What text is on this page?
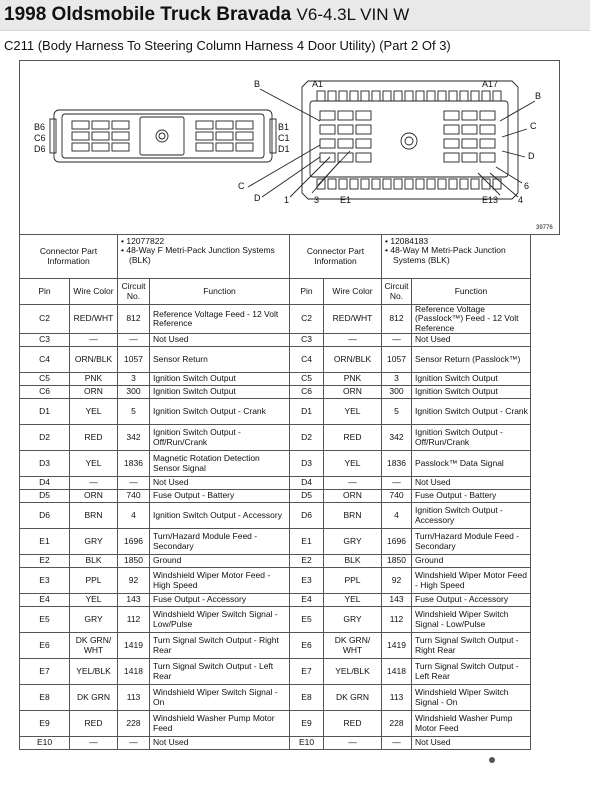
1998 Oldsmobile Truck Bravada V6-4.3L VIN W
C211 (Body Harness To Steering Column Harness 4 Door Utility) (Part 2 Of 3)
B6
C6
D6
B1
C1
D1
B	A1	A17
B
C
D
6
C
D	1	3 E1	E13 4
39776
Connector Part Information		• 12077822
• 48-Way F Metri-Pack Junction Systems (BLK)		Connector Part Information		• 12084183
• 48-Way M Metri-Pack Junction Systems (BLK)	

Pin	Wire Color	Circuit No.	Function	Pin	Wire Color	Circuit No.	Function
C2	RED/WHT	812	Reference Voltage Feed - 12 Volt Reference	C2	RED/WHT	812	Reference Voltage (Passlock™) Feed - 12 Volt Reference
C3	—	—	Not Used	C3	—	—	Not Used
C4	ORN/BLK	1057	Sensor Return	C4	ORN/BLK	1057	Sensor Return (Passlock™)
C5	PNK	3	Ignition Switch Output	C5	PNK	3	Ignition Switch Output
C6	ORN	300	Ignition Switch Output	C6	ORN	300	Ignition Switch Output
D1	YEL	5	Ignition Switch Output - Crank	D1	YEL	5	Ignition Switch Output - Crank
D2	RED	342	Ignition Switch Output - Off/Run/Crank	D2	RED	342	Ignition Switch Output - Off/Run/Crank
D3	YEL	1836	Magnetic Rotation Detection Sensor Signal	D3	YEL	1836	Passlock™ Data Signal
D4	—	—	Not Used	D4	—	—	Not Used
D5	ORN	740	Fuse Output - Battery	D5	ORN	740	Fuse Output - Battery
D6	BRN	4	Ignition Switch Output - Accessory	D6	BRN	4	Ignition Switch Output - Accessory
E1	GRY	1696	Turn/Hazard Module Feed - Secondary	E1	GRY	1696	Turn/Hazard Module Feed - Secondary
E2	BLK	1850	Ground	E2	BLK	1850	Ground
E3	PPL	92	Windshield Wiper Motor Feed - High Speed	E3	PPL	92	Windshield Wiper Motor Feed - High Speed
E4	YEL	143	Fuse Output - Accessory	E4	YEL	143	Fuse Output - Accessory
E5	GRY	112	Windshield Wiper Switch Signal - Low/Pulse	E5	GRY	112	Windshield Wiper Switch Signal - Low/Pulse
E6	DK GRN/ WHT	1419	Turn Signal Switch Output - Right Rear	E6	DK GRN/ WHT	1419	Turn Signal Switch Output - Right Rear
E7	YEL/BLK	1418	Turn Signal Switch Output - Left Rear	E7	YEL/BLK	1418	Turn Signal Switch Output - Left Rear
E8	DK GRN	113	Windshield Wiper Switch Signal - On	E8	DK GRN	113	Windshield Wiper Switch Signal - On
E9	RED	228	Windshield Washer Pump Motor Feed	E9	RED	228	Windshield Washer Pump Motor Feed
E10	—	—	Not Used	E10	—	—	Not Used
